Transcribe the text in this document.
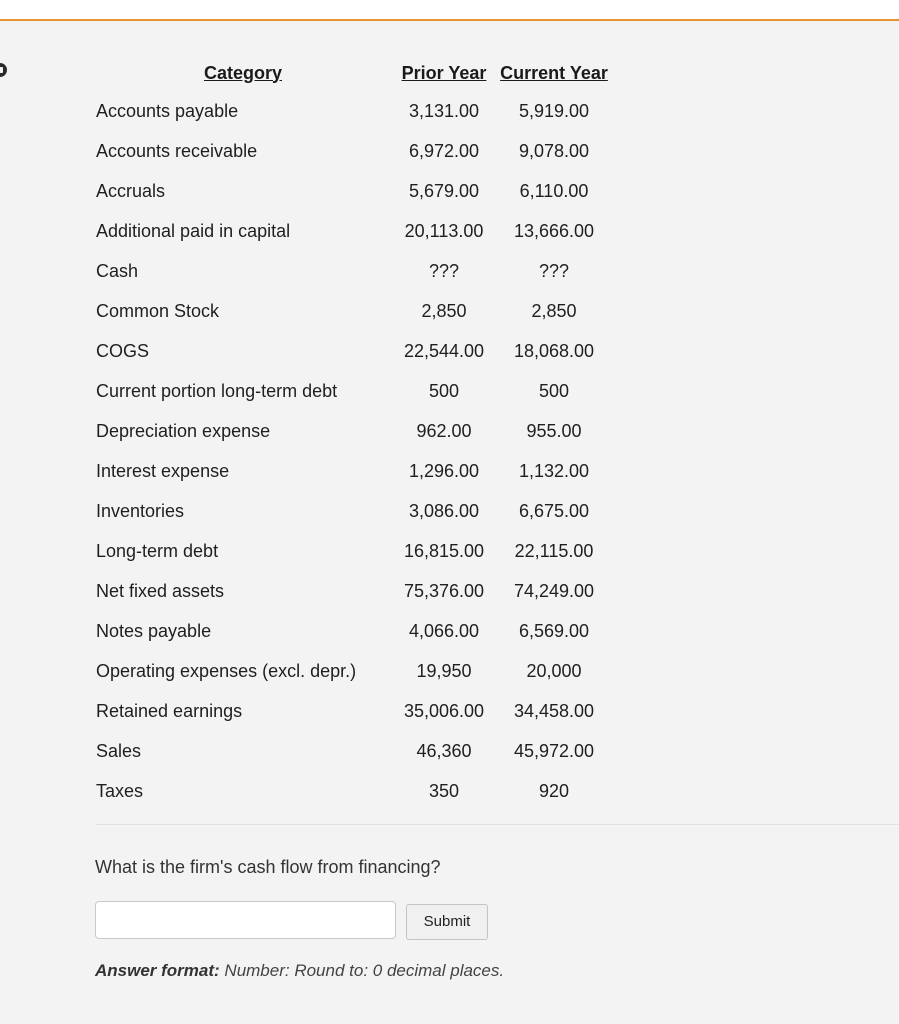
Category	Prior Year	Current Year
Accounts payable	3,131.00	5,919.00
Accounts receivable	6,972.00	9,078.00
Accruals	5,679.00	6,110.00
Additional paid in capital	20,113.00	13,666.00
Cash	???	???
Common Stock	2,850	2,850
COGS	22,544.00	18,068.00
Current portion long-term debt	500	500
Depreciation expense	962.00	955.00
Interest expense	1,296.00	1,132.00
Inventories	3,086.00	6,675.00
Long-term debt	16,815.00	22,115.00
Net fixed assets	75,376.00	74,249.00
Notes payable	4,066.00	6,569.00
Operating expenses (excl. depr.)	19,950	20,000
Retained earnings	35,006.00	34,458.00
Sales	46,360	45,972.00
Taxes	350	920
What is the firm's cash flow from financing?
Submit
Answer format: Number: Round to: 0 decimal places.
